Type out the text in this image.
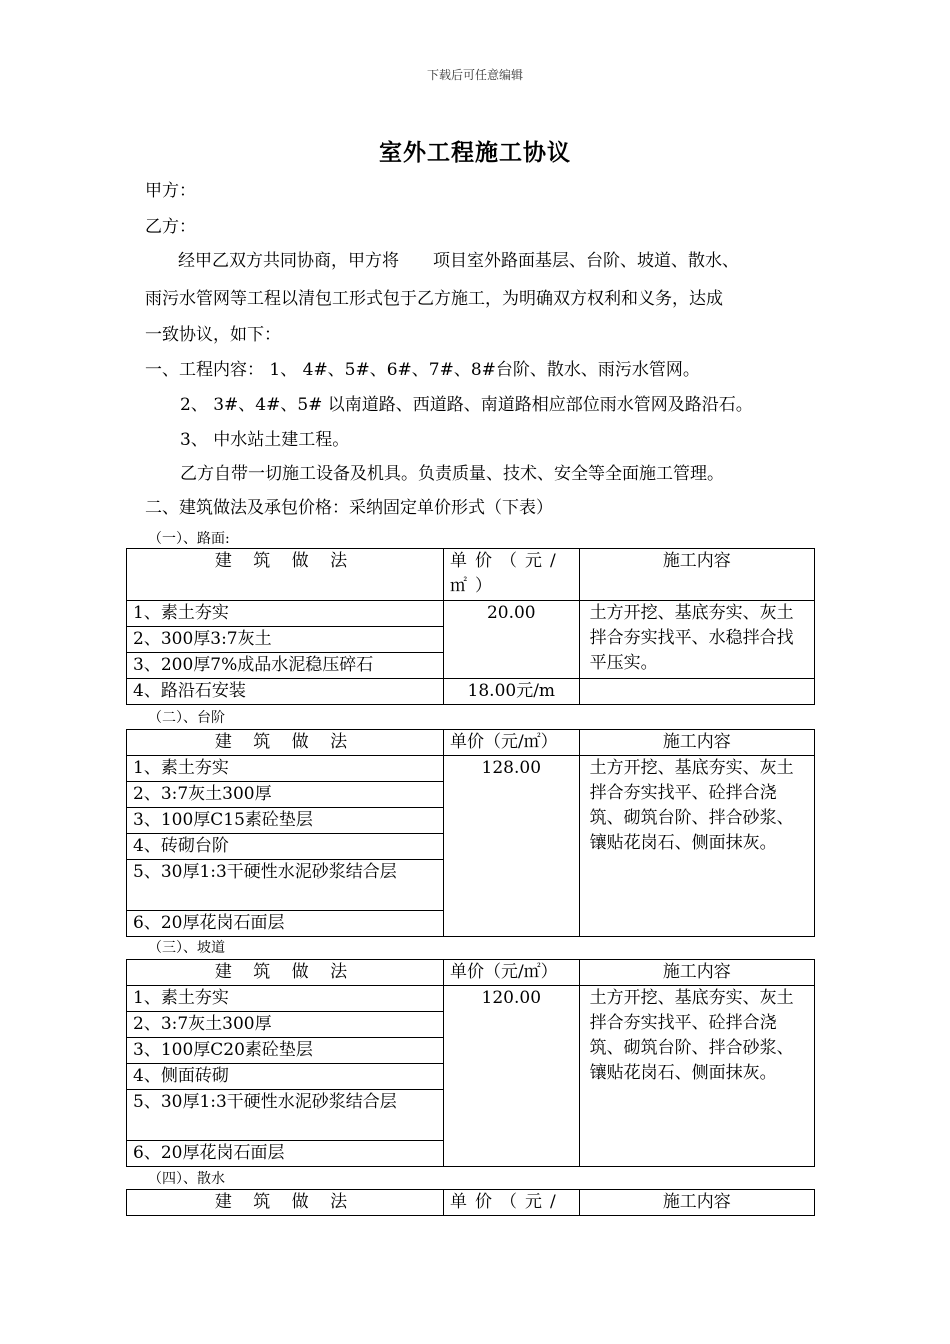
下载后可任意编辑
室外工程施工协议
甲方：
乙方：
经甲乙双方共同协商，甲方将　　项目室外路面基层、台阶、坡道、散水、
雨污水管网等工程以清包工形式包于乙方施工，为明确双方权利和义务，达成
一致协议，如下：
一、工程内容： 1、 4#、5#、6#、7#、8#台阶、散水、雨污水管网。
2、 3#、4#、5# 以南道路、西道路、南道路相应部位雨水管网及路沿石。
3、 中水站土建工程。
乙方自带一切施工设备及机具。负责质量、技术、安全等全面施工管理。
二、建筑做法及承包价格：采纳固定单价形式（下表）
（一）、路面:
建 筑 做 法	单价（元/㎡）	施工内容
1、素土夯实	20.00	土方开挖、基底夯实、灰土拌合夯实找平、水稳拌合找平压实。
2、300厚3:7灰土		
3、200厚7%成品水泥稳压碎石		
4、路沿石安装	18.00元/m	
（二）、台阶
建 筑 做 法	单价（元/㎡）	施工内容
1、素土夯实	128.00	土方开挖、基底夯实、灰土拌合夯实找平、砼拌合浇筑、砌筑台阶、拌合砂浆、镶贴花岗石、侧面抹灰。
2、3:7灰土300厚		
3、100厚C15素砼垫层		
4、砖砌台阶		
5、30厚1:3干硬性水泥砂浆结合层		
6、20厚花岗石面层		
（三）、坡道
建 筑 做 法	单价（元/㎡）	施工内容
1、素土夯实	120.00	土方开挖、基底夯实、灰土拌合夯实找平、砼拌合浇筑、砌筑台阶、拌合砂浆、镶贴花岗石、侧面抹灰。
2、3:7灰土300厚		
3、100厚C20素砼垫层		
4、侧面砖砌		
5、30厚1:3干硬性水泥砂浆结合层		
6、20厚花岗石面层		
（四）、散水
建 筑 做 法	单价（元/	施工内容
